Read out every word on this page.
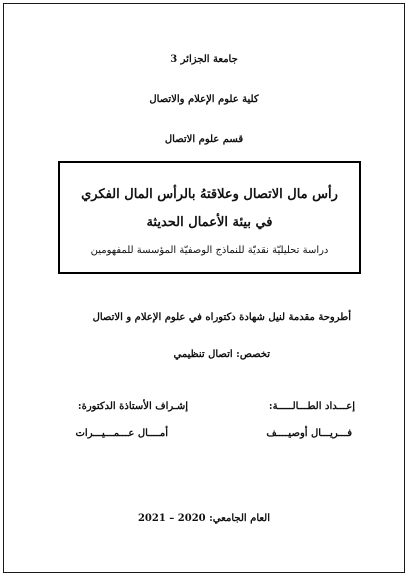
جامعة الجزائر 3
كلية علوم الإعلام والاتصال
قسم علوم الاتصال
رأس مال الاتصال وعلاقتهُ بالرأس المال الفكري
في بيئة الأعمال الحديثة
دراسة تحليليّة نقديّة للنماذج الوصفيّة المؤسسة للمفهومين
أطروحة مقدمة لنيل شهادة دكتوراه في علوم الإعلام و الاتصال
تخصص: اتصال تنظيمي
إعـــداد الطـــالـــــة:
إشـراف الأستاذة الدكتورة:
فـــريـــال أوصيــــف
أمــــال عـــمـــيـــرات
العام الجامعي: 2020 – 2021
